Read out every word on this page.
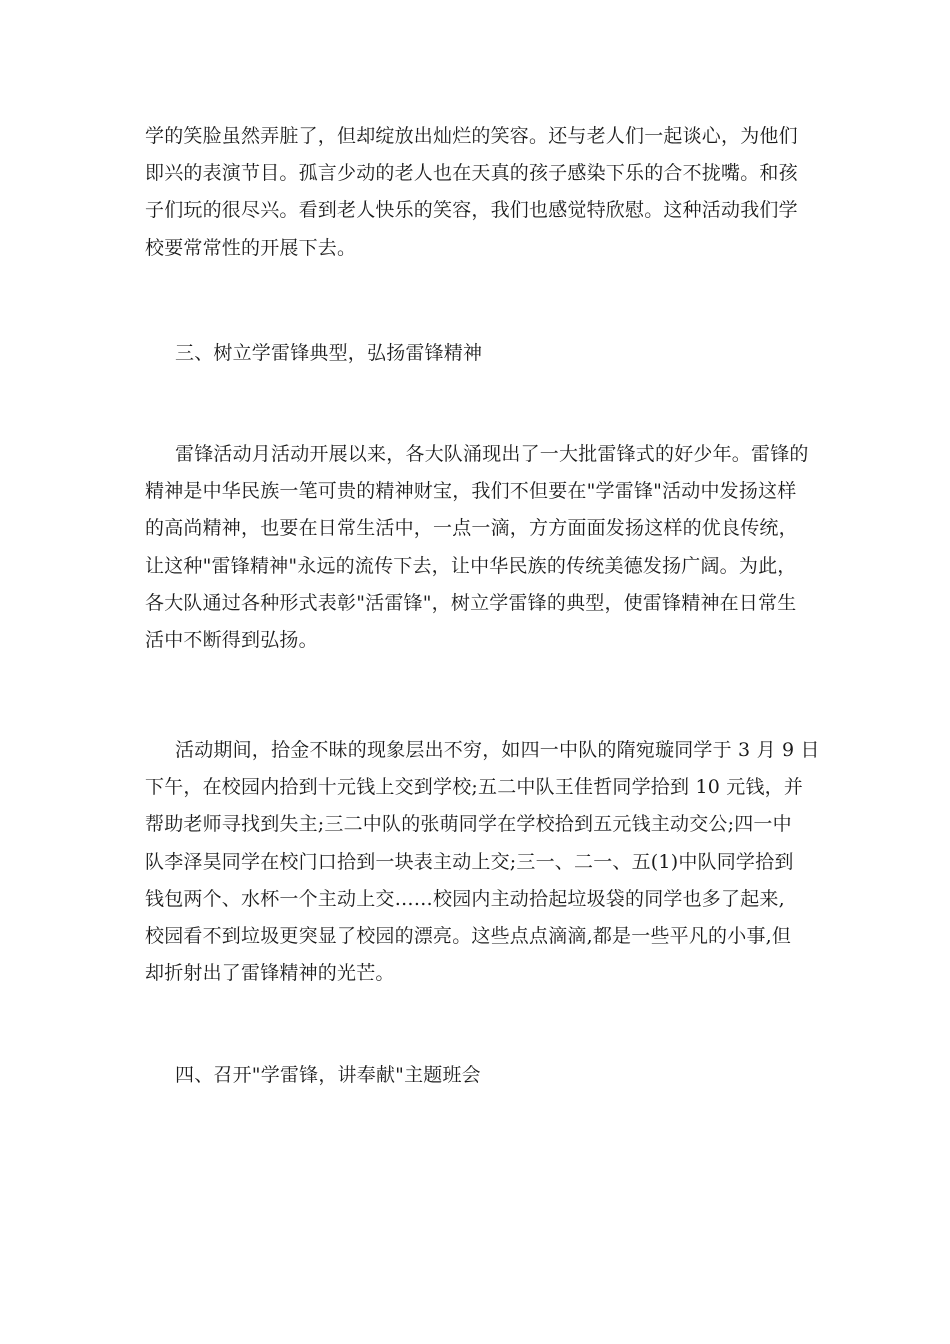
学的笑脸虽然弄脏了，但却绽放出灿烂的笑容。还与老人们一起谈心，为他们
即兴的表演节目。孤言少动的老人也在天真的孩子感染下乐的合不拢嘴。和孩
子们玩的很尽兴。看到老人快乐的笑容，我们也感觉特欣慰。这种活动我们学
校要常常性的开展下去。
三、树立学雷锋典型，弘扬雷锋精神
雷锋活动月活动开展以来，各大队涌现出了一大批雷锋式的好少年。雷锋的
精神是中华民族一笔可贵的精神财宝，我们不但要在"学雷锋"活动中发扬这样
的高尚精神，也要在日常生活中，一点一滴，方方面面发扬这样的优良传统，
让这种"雷锋精神"永远的流传下去，让中华民族的传统美德发扬广阔。为此，
各大队通过各种形式表彰"活雷锋"，树立学雷锋的典型，使雷锋精神在日常生
活中不断得到弘扬。
活动期间，拾金不昧的现象层出不穷，如四一中队的隋宛璇同学于 3 月 9 日
下午，在校园内拾到十元钱上交到学校;五二中队王佳哲同学拾到 10 元钱，并
帮助老师寻找到失主;三二中队的张萌同学在学校拾到五元钱主动交公;四一中
队李泽昊同学在校门口拾到一块表主动上交;三一、二一、五(1)中队同学拾到
钱包两个、水杯一个主动上交……校园内主动拾起垃圾袋的同学也多了起来,
校园看不到垃圾更突显了校园的漂亮。这些点点滴滴,都是一些平凡的小事,但
却折射出了雷锋精神的光芒。
四、召开"学雷锋，讲奉献"主题班会
